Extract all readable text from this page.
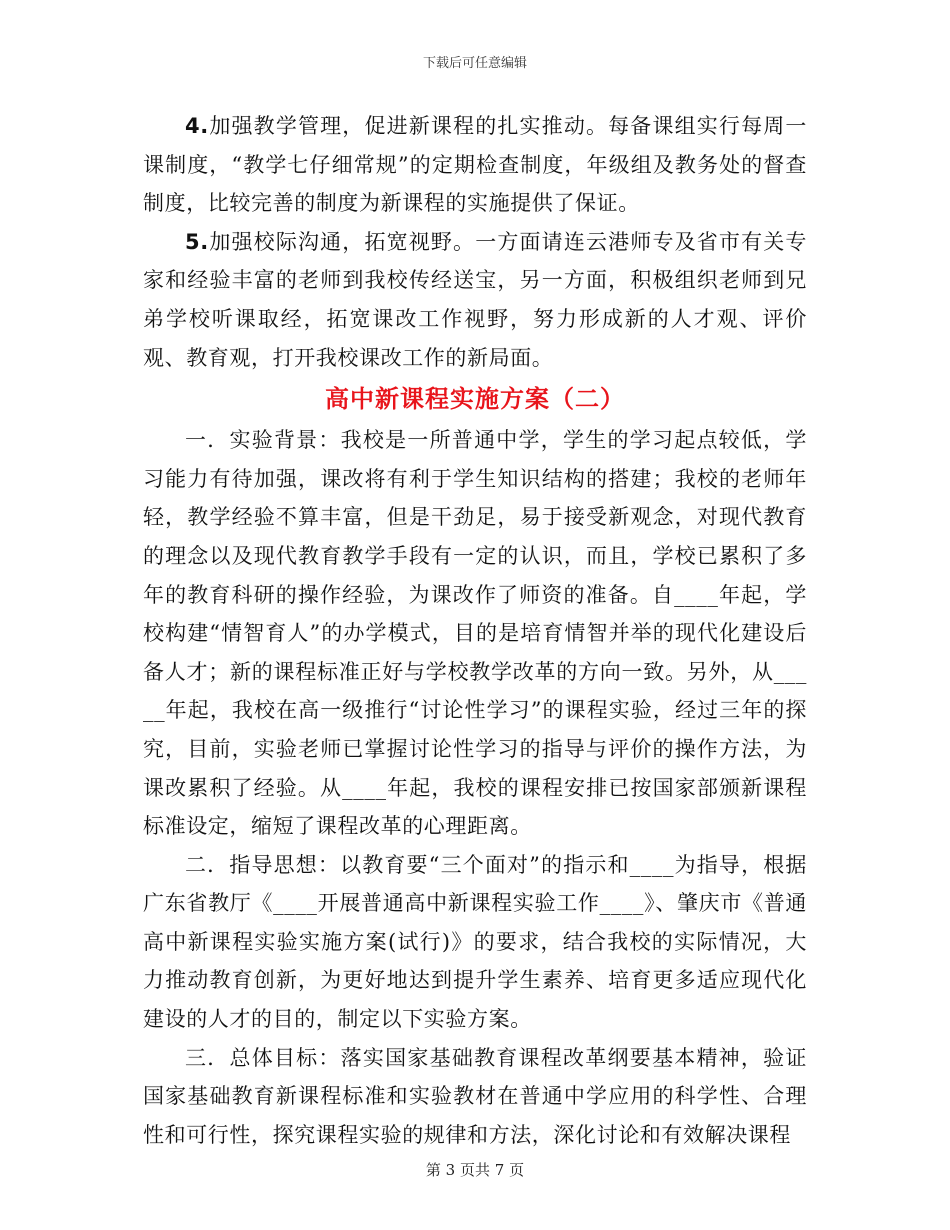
下载后可任意编辑

4.加强教学管理，促进新课程的扎实推动。每备课组实行每周一课制度，“教学七仔细常规”的定期检查制度，年级组及教务处的督查制度，比较完善的制度为新课程的实施提供了保证。

5.加强校际沟通，拓宽视野。一方面请连云港师专及省市有关专家和经验丰富的老师到我校传经送宝，另一方面，积极组织老师到兄弟学校听课取经，拓宽课改工作视野，努力形成新的人才观、评价观、教育观，打开我校课改工作的新局面。

高中新课程实施方案（二）

一．实验背景：我校是一所普通中学，学生的学习起点较低，学习能力有待加强，课改将有利于学生知识结构的搭建；我校的老师年轻，教学经验不算丰富，但是干劲足，易于接受新观念，对现代教育的理念以及现代教育教学手段有一定的认识，而且，学校已累积了多年的教育科研的操作经验，为课改作了师资的准备。自____年起，学校构建“情智育人”的办学模式，目的是培育情智并举的现代化建设后备人才；新的课程标准正好与学校教学改革的方向一致。另外，从_____年起，我校在高一级推行“讨论性学习”的课程实验，经过三年的探究，目前，实验老师已掌握讨论性学习的指导与评价的操作方法，为课改累积了经验。从____年起，我校的课程安排已按国家部颁新课程标准设定，缩短了课程改革的心理距离。

二．指导思想：以教育要“三个面对”的指示和____为指导，根据广东省教厅《____开展普通高中新课程实验工作____》、肇庆市《普通高中新课程实验实施方案(试行)》的要求，结合我校的实际情况，大力推动教育创新，为更好地达到提升学生素养、培育更多适应现代化建设的人才的目的，制定以下实验方案。

三．总体目标：落实国家基础教育课程改革纲要基本精神，验证国家基础教育新课程标准和实验教材在普通中学应用的科学性、合理性和可行性，探究课程实验的规律和方法，深化讨论和有效解决课程

第 3 页共 7 页
